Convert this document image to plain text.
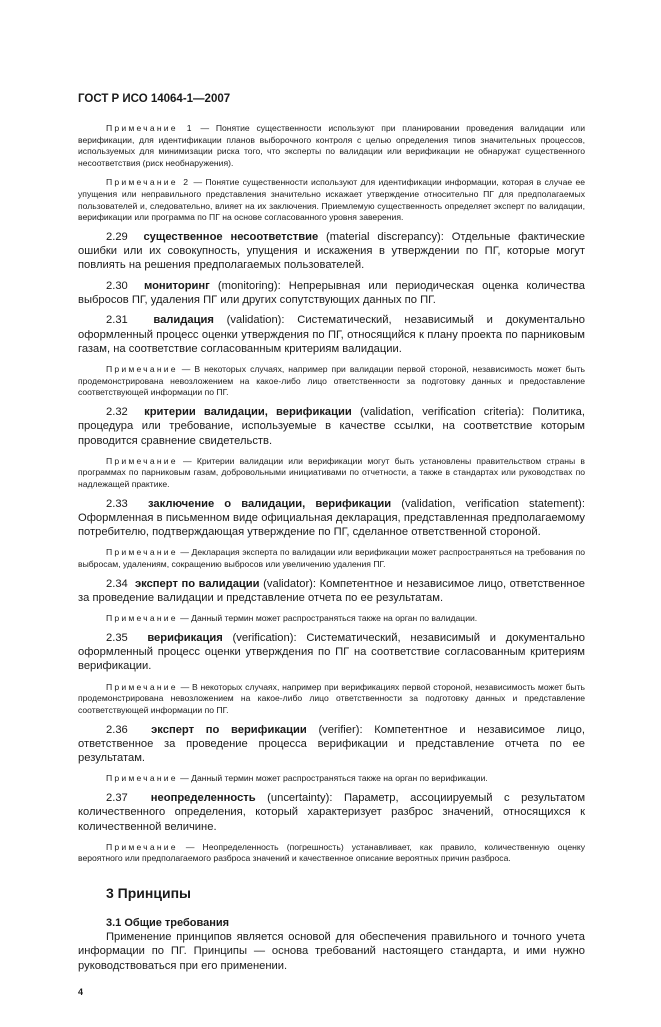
ГОСТ Р ИСО 14064-1—2007
Примечание 1 — Понятие существенности используют при планировании проведения валидации или верификации, для идентификации планов выборочного контроля с целью определения типов значительных процессов, используемых для минимизации риска того, что эксперты по валидации или верификации не обнаружат существенного несоответствия (риск необнаружения).
Примечание 2 — Понятие существенности используют для идентификации информации, которая в случае ее упущения или неправильного представления значительно искажает утверждение относительно ПГ для предполагаемых пользователей и, следовательно, влияет на их заключения. Приемлемую существенность определяет эксперт по валидации, верификации или программа по ПГ на основе согласованного уровня заверения.
2.29 существенное несоответствие (material discrepancy): Отдельные фактические ошибки или их совокупность, упущения и искажения в утверждении по ПГ, которые могут повлиять на решения предполагаемых пользователей.
2.30 мониторинг (monitoring): Непрерывная или периодическая оценка количества выбросов ПГ, удаления ПГ или других сопутствующих данных по ПГ.
2.31 валидация (validation): Систематический, независимый и документально оформленный процесс оценки утверждения по ПГ, относящийся к плану проекта по парниковым газам, на соответствие согласованным критериям валидации.
Примечание — В некоторых случаях, например при валидации первой стороной, независимость может быть продемонстрирована невозложением на какое-либо лицо ответственности за подготовку данных и предоставление соответствующей информации по ПГ.
2.32 критерии валидации, верификации (validation, verification criteria): Политика, процедура или требование, используемые в качестве ссылки, на соответствие которым проводится сравнение свидетельств.
Примечание — Критерии валидации или верификации могут быть установлены правительством страны в программах по парниковым газам, добровольными инициативами по отчетности, а также в стандартах или руководствах по надлежащей практике.
2.33 заключение о валидации, верификации (validation, verification statement): Оформленная в письменном виде официальная декларация, представленная предполагаемому потребителю, подтверждающая утверждение по ПГ, сделанное ответственной стороной.
Примечание — Декларация эксперта по валидации или верификации может распространяться на требования по выбросам, удалениям, сокращению выбросов или увеличению удаления ПГ.
2.34 эксперт по валидации (validator): Компетентное и независимое лицо, ответственное за проведение валидации и представление отчета по ее результатам.
Примечание — Данный термин может распространяться также на орган по валидации.
2.35 верификация (verification): Систематический, независимый и документально оформленный процесс оценки утверждения по ПГ на соответствие согласованным критериям верификации.
Примечание — В некоторых случаях, например при верификациях первой стороной, независимость может быть продемонстрирована невозложением на какое-либо лицо ответственности за подготовку данных и представление соответствующей информации по ПГ.
2.36 эксперт по верификации (verifier): Компетентное и независимое лицо, ответственное за проведение процесса верификации и представление отчета по ее результатам.
Примечание — Данный термин может распространяться также на орган по верификации.
2.37 неопределенность (uncertainty): Параметр, ассоциируемый с результатом количественного определения, который характеризует разброс значений, относящихся к количественной величине.
Примечание — Неопределенность (погрешность) устанавливает, как правило, количественную оценку вероятного или предполагаемого разброса значений и качественное описание вероятных причин разброса.
3 Принципы
3.1 Общие требования
Применение принципов является основой для обеспечения правильного и точного учета информации по ПГ. Принципы — основа требований настоящего стандарта, и ими нужно руководствоваться при его применении.
4
